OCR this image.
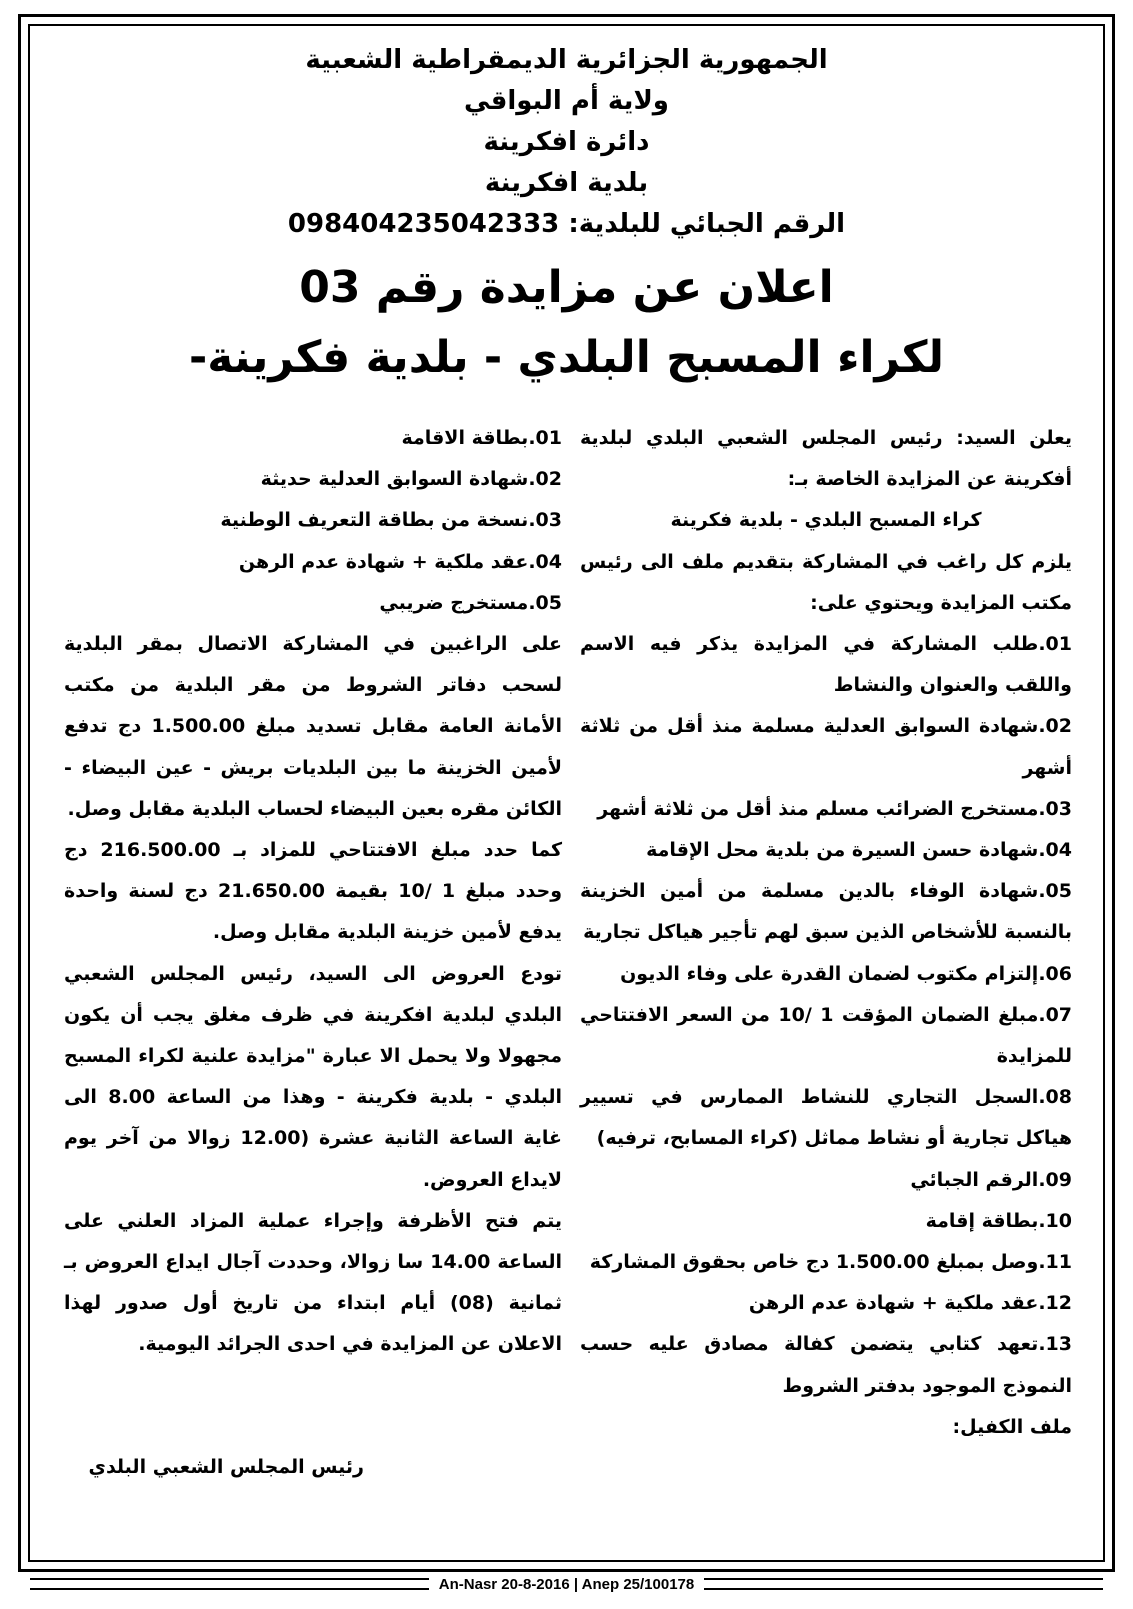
الجمهورية الجزائرية الديمقراطية الشعبية
ولاية أم البواقي
دائرة افكرينة
بلدية افكرينة
الرقم الجبائي للبلدية: 098404235042333
اعلان عن مزايدة رقم 03
لكراء المسبح البلدي - بلدية فكرينة-

يعلن السيد: رئيس المجلس الشعبي البلدي لبلدية أفكرينة عن المزايدة الخاصة بـ:

كراء المسبح البلدي - بلدية فكرينة

يلزم كل راغب في المشاركة بتقديم ملف الى رئيس مكتب المزايدة ويحتوي على:

01.طلب المشاركة في المزايدة يذكر فيه الاسم واللقب والعنوان والنشاط

02.شهادة السوابق العدلية مسلمة منذ أقل من ثلاثة أشهر

03.مستخرج الضرائب مسلم منذ أقل من ثلاثة أشهر

04.شهادة حسن السيرة من بلدية محل الإقامة

05.شهادة الوفاء بالدين مسلمة من أمين الخزينة بالنسبة للأشخاص الذين سبق لهم تأجير هياكل تجارية

06.إلتزام مكتوب لضمان القدرة على وفاء الديون

07.مبلغ الضمان المؤقت 1 /10 من السعر الافتتاحي للمزايدة

08.السجل التجاري للنشاط الممارس في تسيير هياكل تجارية أو نشاط مماثل (كراء المسابح، ترفيه)

09.الرقم الجبائي

10.بطاقة إقامة

11.وصل بمبلغ 1.500.00 دج خاص بحقوق المشاركة

12.عقد ملكية + شهادة عدم الرهن

13.تعهد كتابي يتضمن كفالة مصادق عليه حسب النموذج الموجود بدفتر الشروط

ملف الكفيل:

01.بطاقة الاقامة

02.شهادة السوابق العدلية حديثة

03.نسخة من بطاقة التعريف الوطنية

04.عقد ملكية + شهادة عدم الرهن

05.مستخرج ضريبي

على الراغبين في المشاركة الاتصال بمقر البلدية لسحب دفاتر الشروط من مقر البلدية من مكتب الأمانة العامة مقابل تسديد مبلغ 1.500.00 دج تدفع لأمين الخزينة ما بين البلديات بريش - عين البيضاء - الكائن مقره بعين البيضاء لحساب البلدية مقابل وصل.

كما حدد مبلغ الافتتاحي للمزاد بـ 216.500.00 دج وحدد مبلغ 1 /10 بقيمة 21.650.00 دج لسنة واحدة يدفع لأمين خزينة البلدية مقابل وصل.

تودع العروض الى السيد، رئيس المجلس الشعبي البلدي لبلدية افكرينة في ظرف مغلق يجب أن يكون مجهولا ولا يحمل الا عبارة "مزايدة علنية لكراء المسبح البلدي - بلدية فكرينة - وهذا من الساعة 8.00 الى غاية الساعة الثانية عشرة (12.00 زوالا من آخر يوم لايداع العروض.

يتم فتح الأظرفة وإجراء عملية المزاد العلني على الساعة 14.00 سا زوالا، وحددت آجال ايداع العروض بـ ثمانية (08) أيام ابتداء من تاريخ أول صدور لهذا الاعلان عن المزايدة في احدى الجرائد اليومية.

رئيس المجلس الشعبي البلدي
An-Nasr 20-8-2016 | Anep 25/100178
